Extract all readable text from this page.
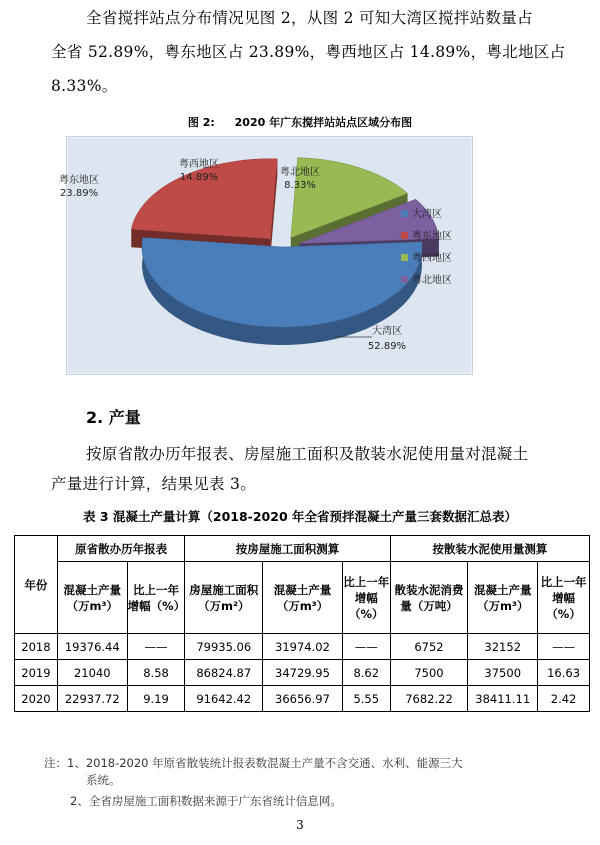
全省搅拌站点分布情况见图 2，从图 2 可知大湾区搅拌站数量占
全省 52.89%，粤东地区占 23.89%，粤西地区占 14.89%，粤北地区占
8.33%。
图 2: 2020 年广东搅拌站站点区域分布图
大湾区
52.89%
粤东地区
23.89%
粤西地区
14.89%	粤北地区
8.33%
大湾区
粤东地区
粤西地区
粤北地区
2. 产量
按原省散办历年报表、房屋施工面积及散装水泥使用量对混凝土
产量进行计算，结果见表 3。
表 3 混凝土产量计算（2018-2020 年全省预拌混凝土产量三套数据汇总表）
年份	原省散办历年报表		按房屋施工面积测算			按散装水泥使用量测算		
	混凝土产量（万m³）	比上一年增幅（%）	房屋施工面积（万m²）	混凝土产量（万m³）	比上一年增幅（%）	散装水泥消费量（万吨）	混凝土产量（万m³）	比上一年增幅（%）
2018	19376.44	——	79935.06	31974.02	——	6752	32152	——
2019	21040	8.58	86824.87	34729.95	8.62	7500	37500	16.63
2020	22937.72	9.19	91642.42	36656.97	5.55	7682.22	38411.11	2.42
注：1、2018-2020 年原省散装统计报表数混凝土产量不含交通、水利、能源三大
系统。
2、全省房屋施工面积数据来源于广东省统计信息网。
3
